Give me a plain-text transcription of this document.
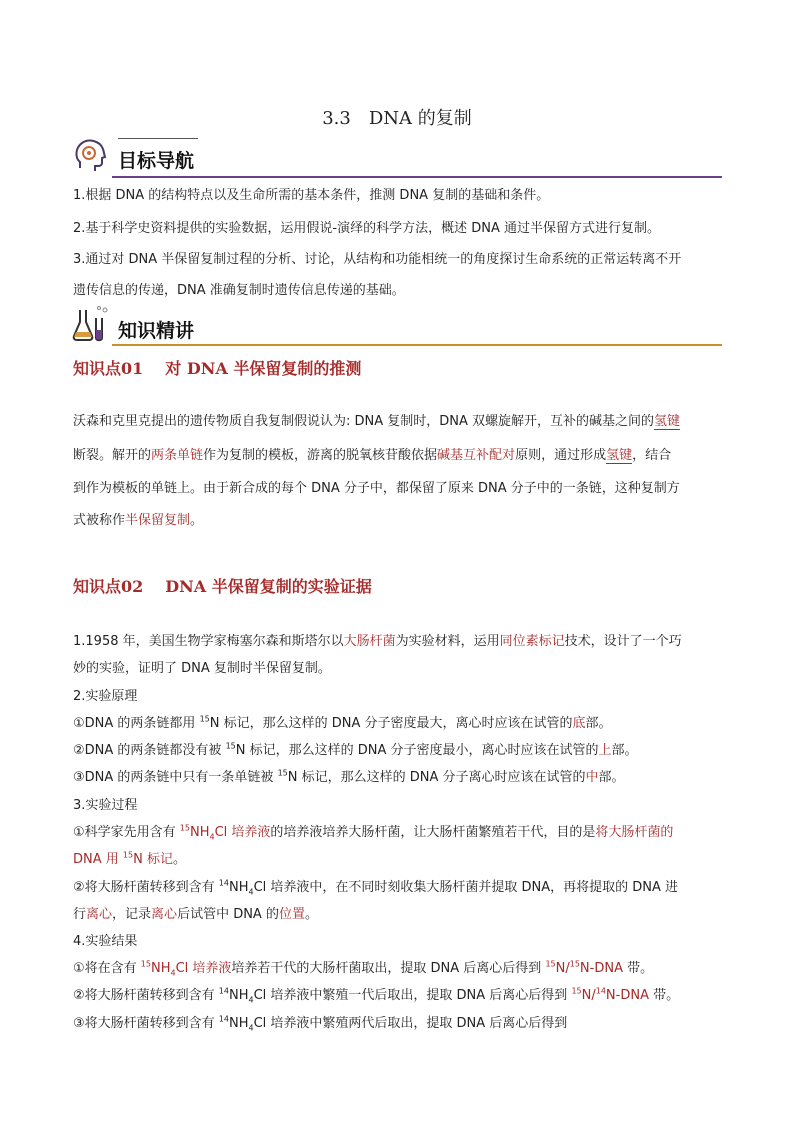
3.3　DNA 的复制
目标导航

1.根据 DNA 的结构特点以及生命所需的基本条件，推测 DNA 复制的基础和条件。

2.基于科学史资料提供的实验数据，运用假说-演绎的科学方法，概述 DNA 通过半保留方式进行复制。

3.通过对 DNA 半保留复制过程的分析、讨论，从结构和功能相统一的角度探讨生命系统的正常运转离不开

遗传信息的传递，DNA 准确复制时遗传信息传递的基础。

知识精讲
知识点01 对 DNA 半保留复制的推测

沃森和克里克提出的遗传物质自我复制假说认为: DNA 复制时，DNA 双螺旋解开，互补的碱基之间的氢键

断裂。解开的两条单链作为复制的模板，游离的脱氧核苷酸依据碱基互补配对原则，通过形成氢键，结合

到作为模板的单链上。由于新合成的每个 DNA 分子中，都保留了原来 DNA 分子中的一条链，这种复制方

式被称作半保留复制。

知识点02 DNA 半保留复制的实验证据

1.1958 年，美国生物学家梅塞尔森和斯塔尔以大肠杆菌为实验材料，运用同位素标记技术，设计了一个巧

妙的实验，证明了 DNA 复制时半保留复制。

2.实验原理

①DNA 的两条链都用 $^{15}$N 标记，那么这样的 DNA 分子密度最大，离心时应该在试管的底部。

②DNA 的两条链都没有被 $^{15}$N 标记，那么这样的 DNA 分子密度最小，离心时应该在试管的上部。

③DNA 的两条链中只有一条单链被 $^{15}$N 标记，那么这样的 DNA 分子离心时应该在试管的中部。

3.实验过程

①科学家先用含有 $^{15}NH_4Cl$ 培养液的培养液培养大肠杆菌，让大肠杆菌繁殖若干代，目的是将大肠杆菌的

DNA 用 $^{15}$N 标记。

②将大肠杆菌转移到含有 $^{14}NH_4Cl$ 培养液中，在不同时刻收集大肠杆菌并提取 DNA，再将提取的 DNA 进

行离心，记录离心后试管中 DNA 的位置。

4.实验结果

①将在含有 $^{15}NH_4Cl$ 培养液培养若干代的大肠杆菌取出，提取 DNA 后离心后得到 $^{15}$N/$^{15}$N-DNA 带。

②将大肠杆菌转移到含有 $^{14}NH_4Cl$ 培养液中繁殖一代后取出，提取 DNA 后离心后得到 $^{15}$N/$^{14}$N-DNA 带。

③将大肠杆菌转移到含有 $^{14}NH_4Cl$ 培养液中繁殖两代后取出，提取 DNA 后离心后得到
